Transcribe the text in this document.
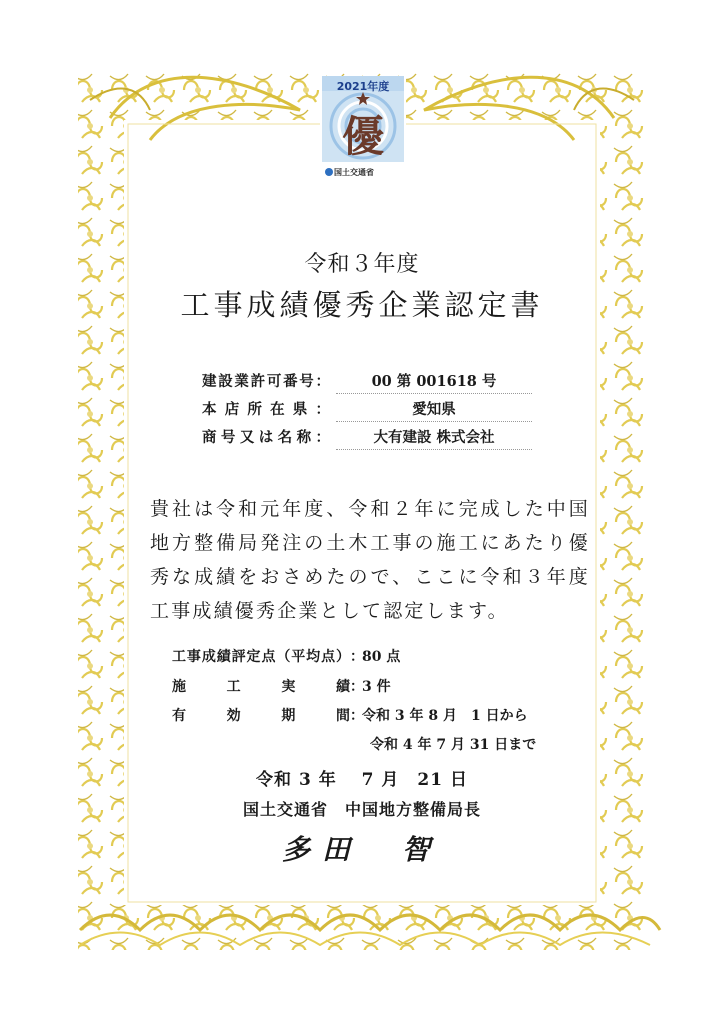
2021年度
優
国土交通省
令和３年度
工事成績優秀企業認定書
建設業許可番号：	00 第 001618 号
本店所在県：	愛知県
商号又は名称：	大有建設 株式会社
貴社は令和元年度、令和２年に完成した中国地方整備局発注の土木工事の施工にあたり優秀な成績をおさめたので、ここに令和３年度工事成績優秀企業として認定します。
工事成績評定点（平均点） ：
80 点
施工実績 ：
3 件
有効期間 ：
令和 3 年 8 月　1 日から
令和 4 年 7 月 31 日まで
令和 3 年　 7 月　21 日
国土交通省　中国地方整備局長
多田　智
